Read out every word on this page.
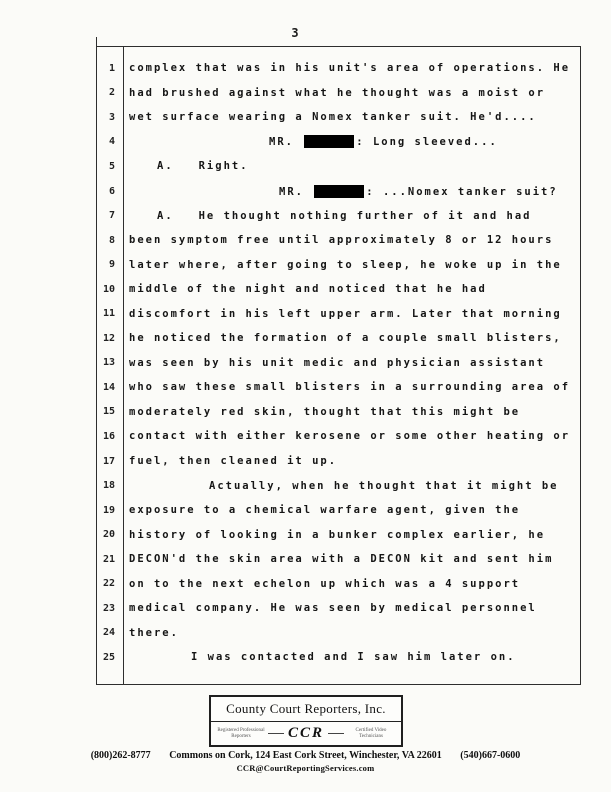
3
1	complex that was in his unit's area of operations. He
2	had brushed against what he thought was a moist or
3	wet surface wearing a Nomex tanker suit. He'd....
4	MR.	: Long sleeved...
5	A.   Right.
6	MR.	: ...Nomex tanker suit?
7	A.   He thought nothing further of it and had
8	been symptom free until approximately 8 or 12 hours
9	later where, after going to sleep, he woke up in the
10	middle of the night and noticed that he had
11	discomfort in his left upper arm. Later that morning
12	he noticed the formation of a couple small blisters,
13	was seen by his unit medic and physician assistant
14	who saw these small blisters in a surrounding area of
15	moderately red skin, thought that this might be
16	contact with either kerosene or some other heating or
17	fuel, then cleaned it up.
18	Actually, when he thought that it might be
19	exposure to a chemical warfare agent, given the
20	history of looking in a bunker complex earlier, he
21	DECON'd the skin area with a DECON kit and sent him
22	on to the next echelon up which was a 4 support
23	medical company. He was seen by medical personnel
24	there.
25	I was contacted and I saw him later on.
County Court Reporters, Inc.
Registered Professional Reporters	CCR	Certified Video Technicians
(800)262-8777 Commons on Cork, 124 East Cork Street, Winchester, VA 22601 (540)667-0600
CCR@CourtReportingServices.com
